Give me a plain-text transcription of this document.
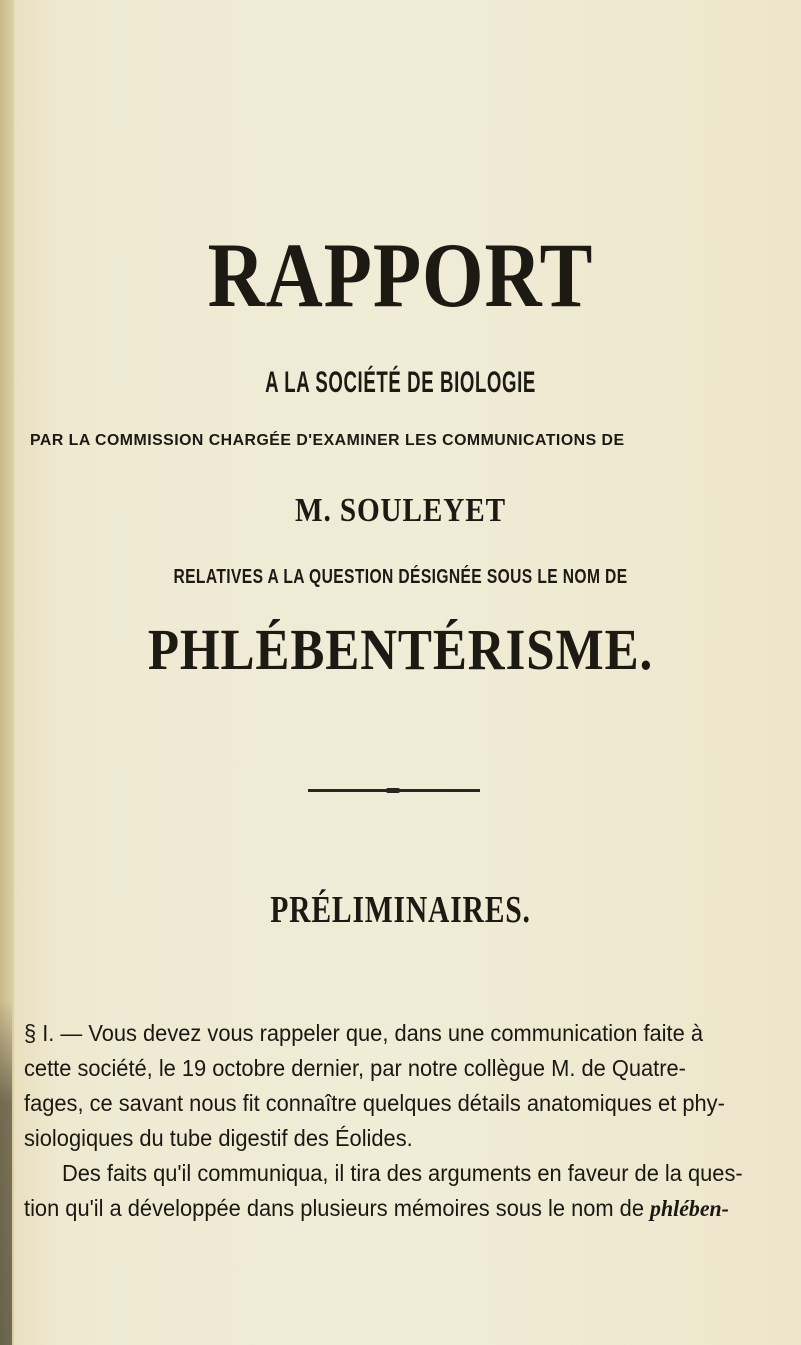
RAPPORT
A LA SOCIÉTÉ DE BIOLOGIE
PAR LA COMMISSION CHARGÉE D'EXAMINER LES COMMUNICATIONS DE
M. SOULEYET
RELATIVES A LA QUESTION DÉSIGNÉE SOUS LE NOM DE
PHLÉBENTÉRISME.
PRÉLIMINAIRES.
§ I. — Vous devez vous rappeler que, dans une communication faite à
cette société, le 19 octobre dernier, par notre collègue M. de Quatre-
fages, ce savant nous fit connaître quelques détails anatomiques et phy-
siologiques du tube digestif des Éolides.
Des faits qu'il communiqua, il tira des arguments en faveur de la ques-
tion qu'il a développée dans plusieurs mémoires sous le nom de phlében-
